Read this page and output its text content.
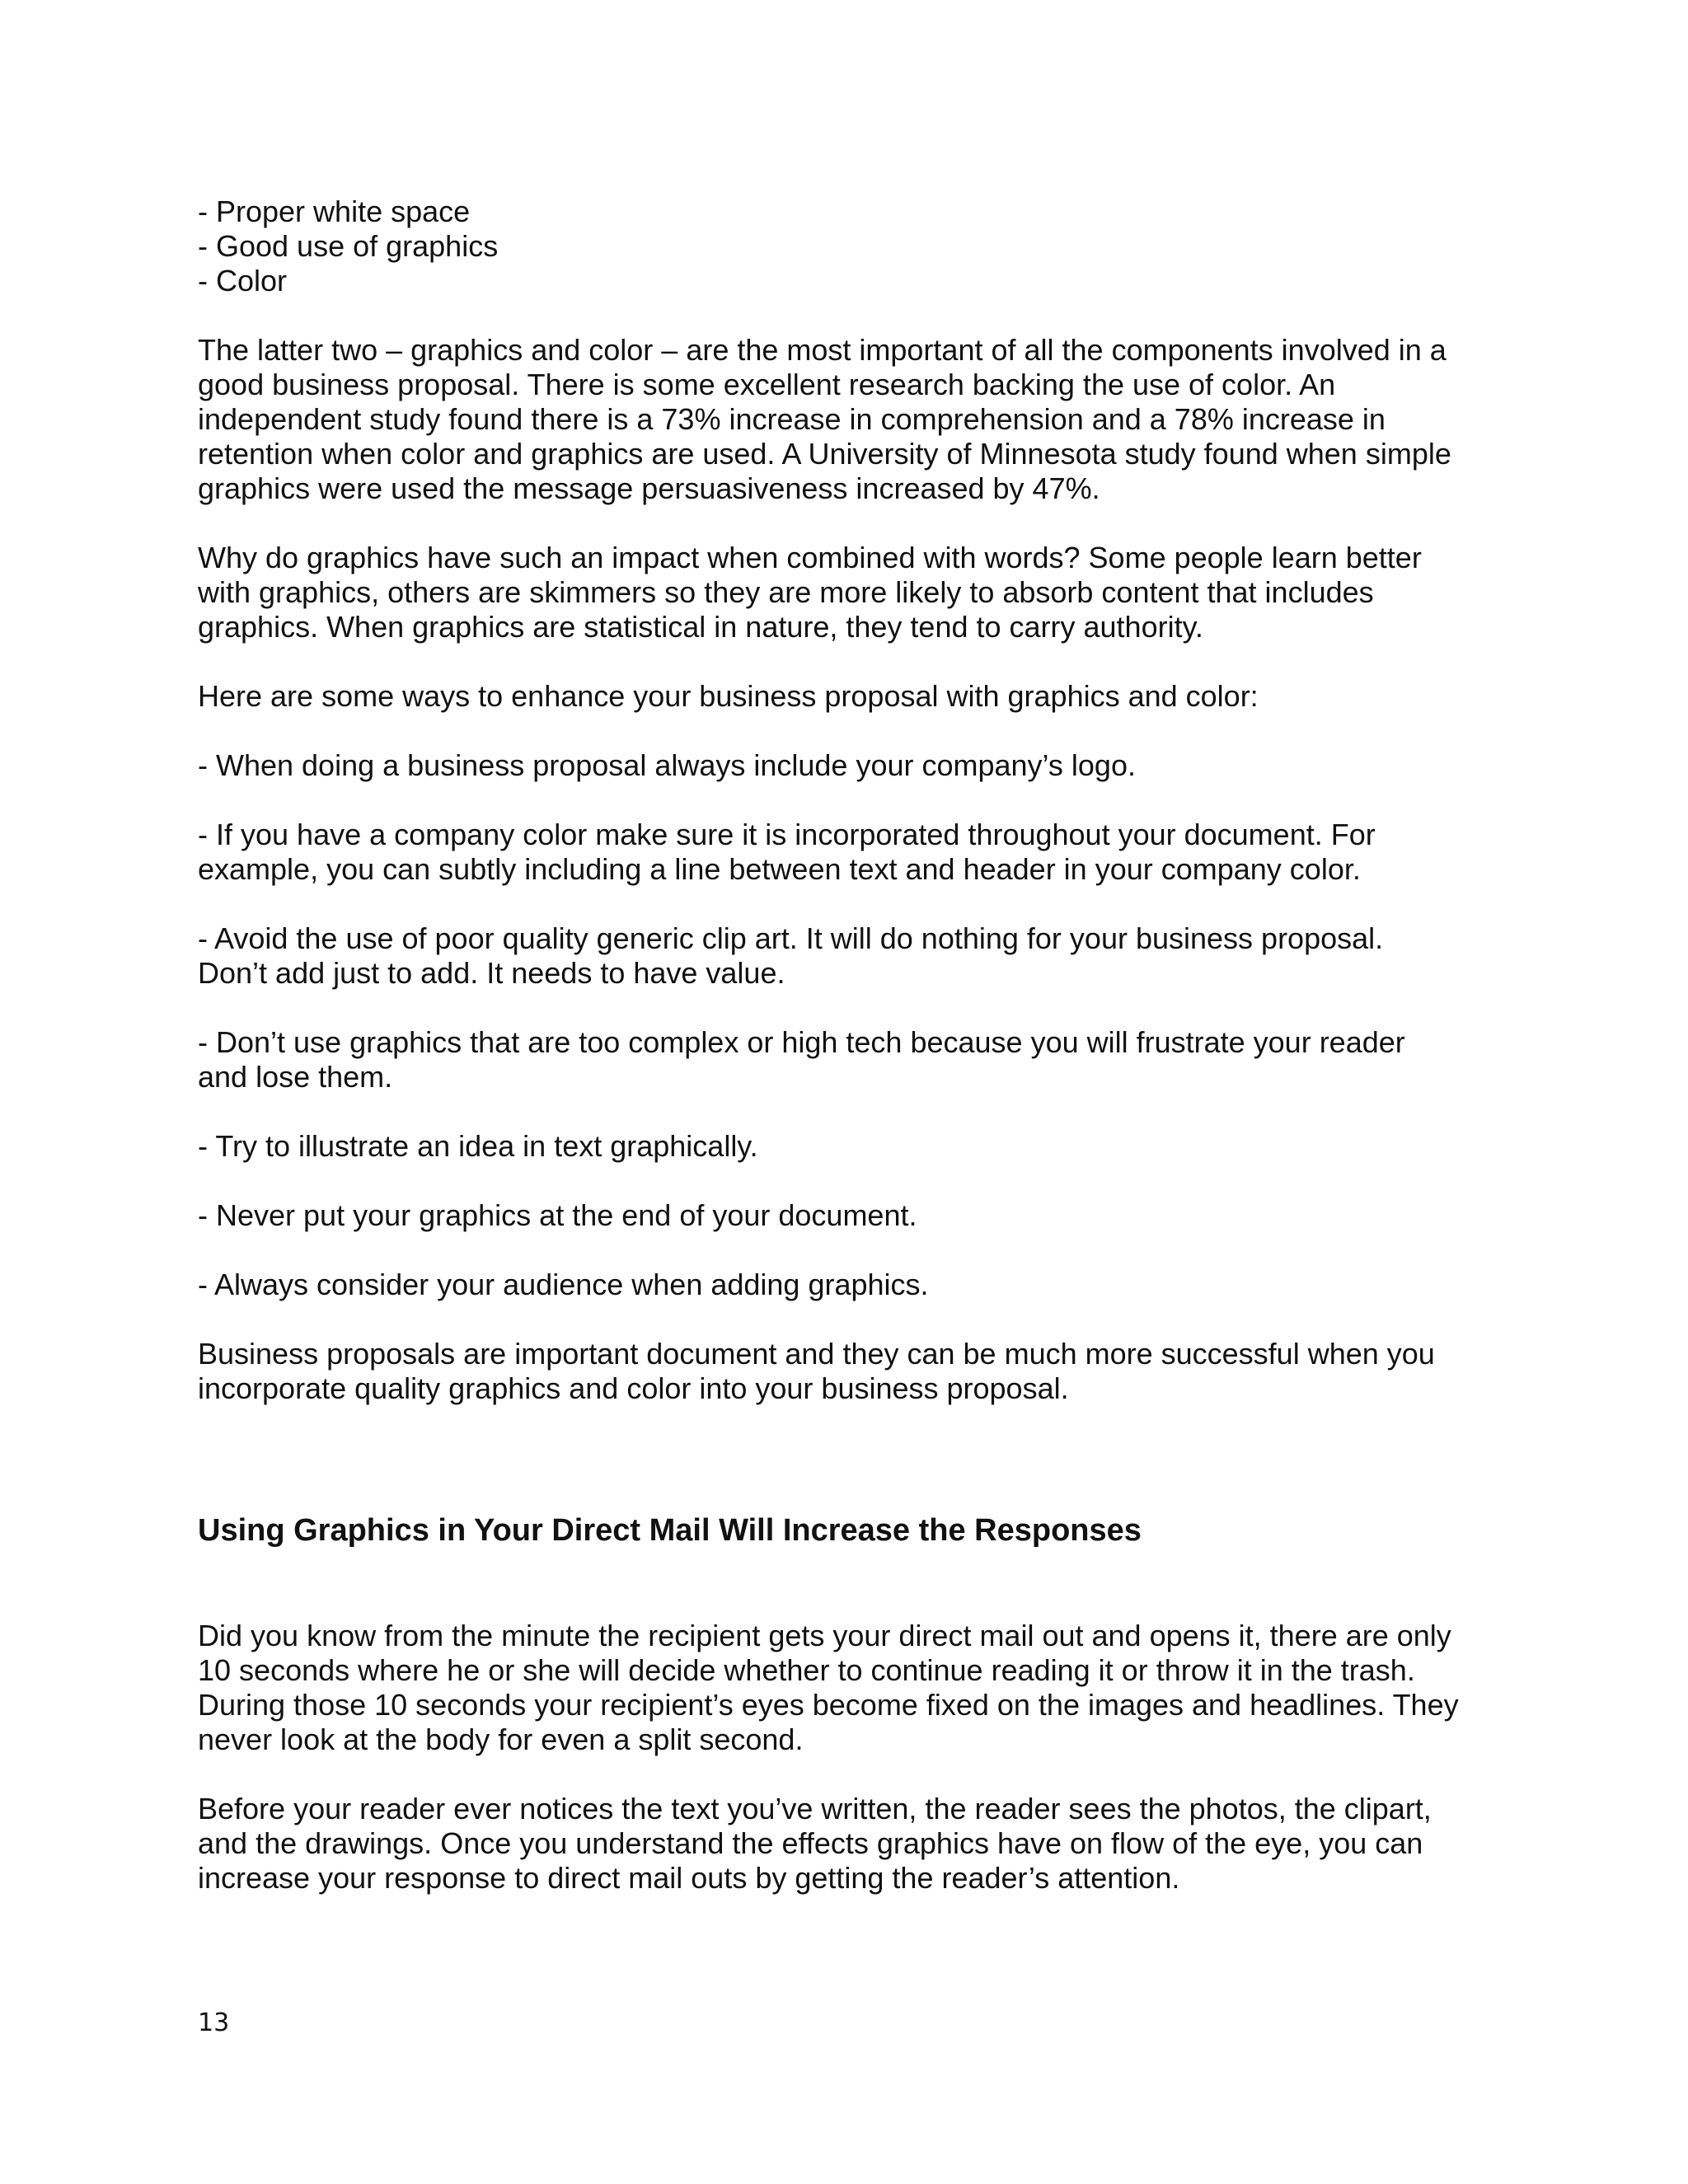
- Proper white space
- Good use of graphics
- Color
The latter two – graphics and color – are the most important of all the components involved in a
good business proposal. There is some excellent research backing the use of color. An
independent study found there is a 73% increase in comprehension and a 78% increase in
retention when color and graphics are used. A University of Minnesota study found when simple
graphics were used the message persuasiveness increased by 47%.
Why do graphics have such an impact when combined with words? Some people learn better
with graphics, others are skimmers so they are more likely to absorb content that includes
graphics. When graphics are statistical in nature, they tend to carry authority.
Here are some ways to enhance your business proposal with graphics and color:
- When doing a business proposal always include your company’s logo.
- If you have a company color make sure it is incorporated throughout your document. For
example, you can subtly including a line between text and header in your company color.
- Avoid the use of poor quality generic clip art. It will do nothing for your business proposal.
Don’t add just to add. It needs to have value.
- Don’t use graphics that are too complex or high tech because you will frustrate your reader
and lose them.
- Try to illustrate an idea in text graphically.
- Never put your graphics at the end of your document.
- Always consider your audience when adding graphics.
Business proposals are important document and they can be much more successful when you
incorporate quality graphics and color into your business proposal.
Using Graphics in Your Direct Mail Will Increase the Responses
Did you know from the minute the recipient gets your direct mail out and opens it, there are only
10 seconds where he or she will decide whether to continue reading it or throw it in the trash.
During those 10 seconds your recipient’s eyes become fixed on the images and headlines. They
never look at the body for even a split second.
Before your reader ever notices the text you’ve written, the reader sees the photos, the clipart,
and the drawings. Once you understand the effects graphics have on flow of the eye, you can
increase your response to direct mail outs by getting the reader’s attention.
13
